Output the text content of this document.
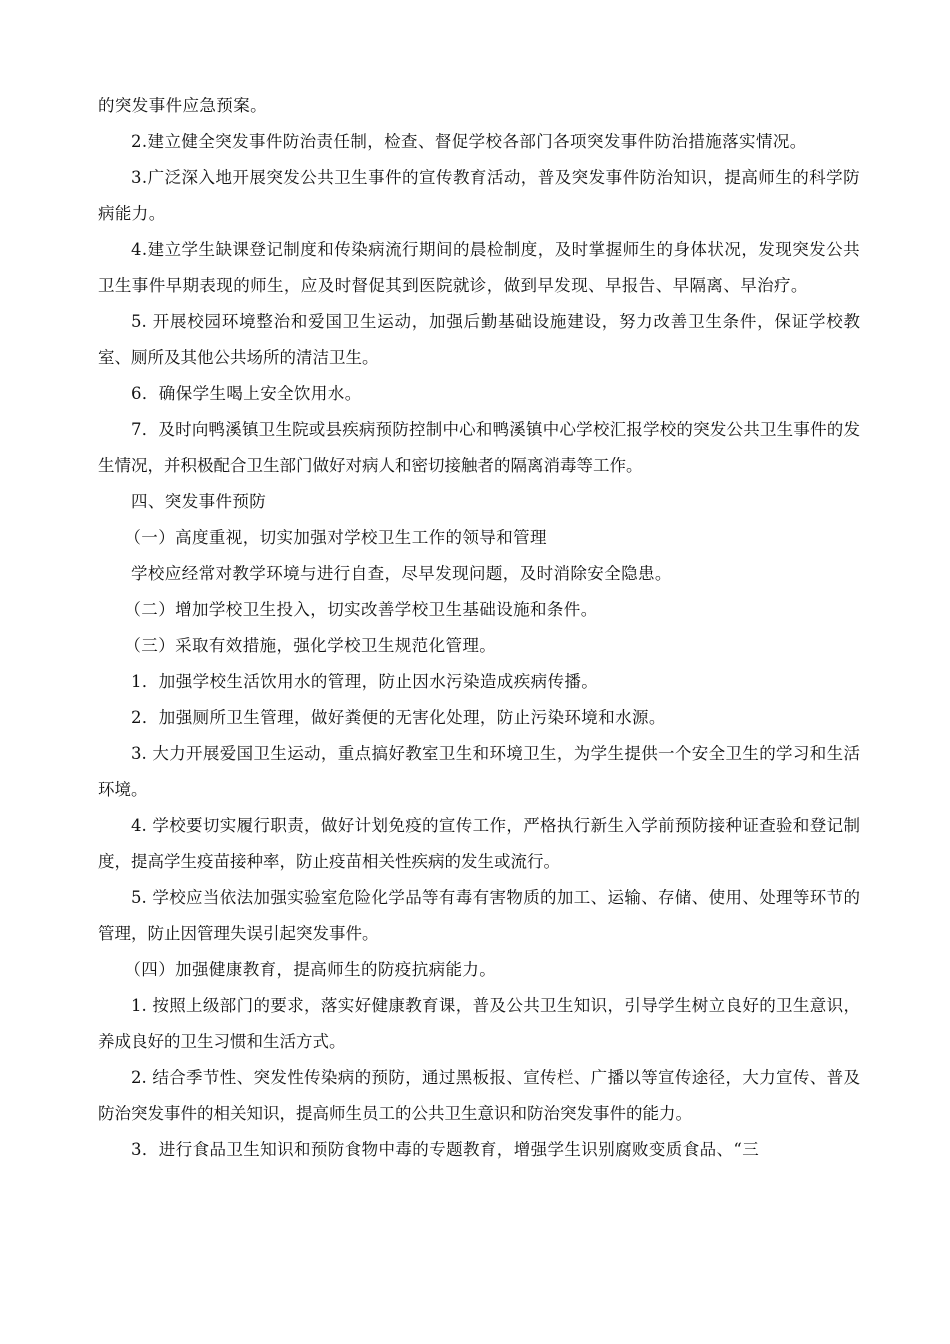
的突发事件应急预案。

2.建立健全突发事件防治责任制，检查、督促学校各部门各项突发事件防治措施落实情况。

3.广泛深入地开展突发公共卫生事件的宣传教育活动，普及突发事件防治知识，提高师生的科学防病能力。

4.建立学生缺课登记制度和传染病流行期间的晨检制度，及时掌握师生的身体状况，发现突发公共卫生事件早期表现的师生，应及时督促其到医院就诊，做到早发现、早报告、早隔离、早治疗。

5. 开展校园环境整治和爱国卫生运动，加强后勤基础设施建设，努力改善卫生条件，保证学校教室、厕所及其他公共场所的清洁卫生。

6．确保学生喝上安全饮用水。

7．及时向鸭溪镇卫生院或县疾病预防控制中心和鸭溪镇中心学校汇报学校的突发公共卫生事件的发生情况，并积极配合卫生部门做好对病人和密切接触者的隔离消毒等工作。

四、突发事件预防

（一）高度重视，切实加强对学校卫生工作的领导和管理

学校应经常对教学环境与进行自查，尽早发现问题，及时消除安全隐患。

（二）增加学校卫生投入，切实改善学校卫生基础设施和条件。

（三）采取有效措施，强化学校卫生规范化管理。

1．加强学校生活饮用水的管理，防止因水污染造成疾病传播。

2．加强厕所卫生管理，做好粪便的无害化处理，防止污染环境和水源。

3. 大力开展爱国卫生运动，重点搞好教室卫生和环境卫生，为学生提供一个安全卫生的学习和生活环境。

4. 学校要切实履行职责，做好计划免疫的宣传工作，严格执行新生入学前预防接种证查验和登记制度，提高学生疫苗接种率，防止疫苗相关性疾病的发生或流行。

5. 学校应当依法加强实验室危险化学品等有毒有害物质的加工、运输、存储、使用、处理等环节的管理，防止因管理失误引起突发事件。

（四）加强健康教育，提高师生的防疫抗病能力。

1. 按照上级部门的要求，落实好健康教育课，普及公共卫生知识，引导学生树立良好的卫生意识，养成良好的卫生习惯和生活方式。

2. 结合季节性、突发性传染病的预防，通过黑板报、宣传栏、广播以等宣传途径，大力宣传、普及防治突发事件的相关知识，提高师生员工的公共卫生意识和防治突发事件的能力。

3．进行食品卫生知识和预防食物中毒的专题教育，增强学生识别腐败变质食品、“三
